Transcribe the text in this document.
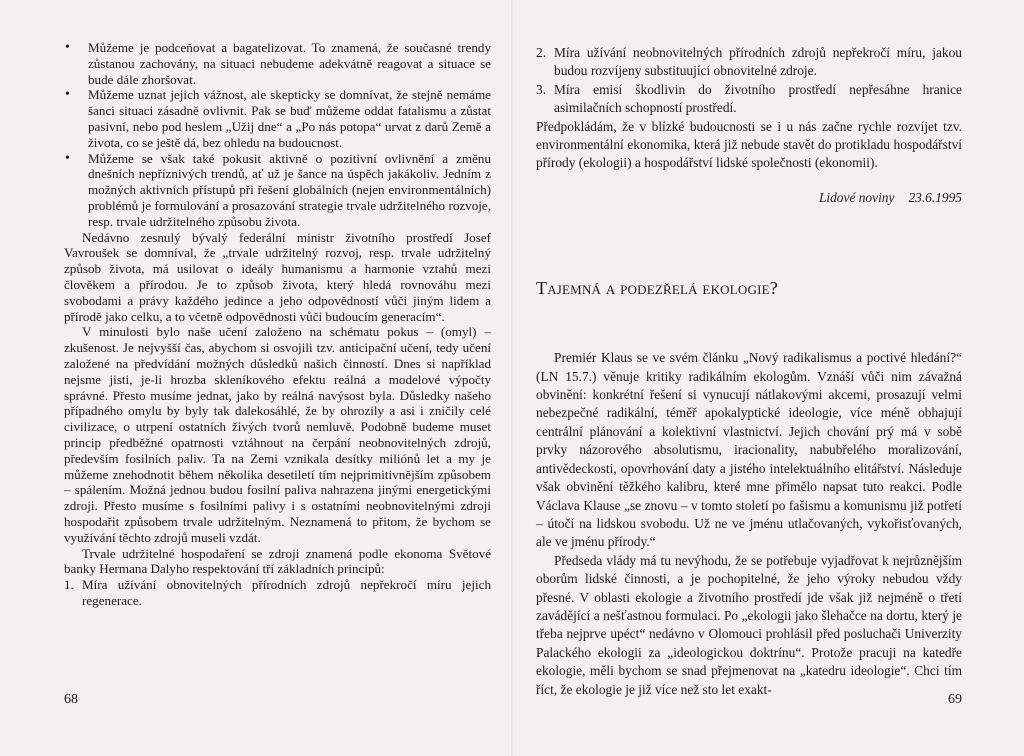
• Můžeme je podceňovat a bagatelizovat. To znamená, že současné trendy zůstanou zachovány, na situaci nebudeme adekvátně reagovat a situace se bude dále zhoršovat.
• Můžeme uznat jejich vážnost, ale skepticky se domnívat, že stejně nemáme šanci situaci zásadně ovlivnit. Pak se buď můžeme oddat fatalismu a zůstat pasivní, nebo pod heslem „Užij dne“ a „Po nás potopa“ urvat z darů Země a života, co se ještě dá, bez ohledu na budoucnost.
• Můžeme se však také pokusit aktivně o pozitivní ovlivnění a změnu dnešních nepříznivých trendů, ať už je šance na úspěch jakákoliv. Jedním z možných aktivních přístupů při řešení globálních (nejen environmentálních) problémů je formulování a prosazování strategie trvale udržitelného rozvoje, resp. trvale udržitelného způsobu života.

Nedávno zesnulý bývalý federální ministr životního prostředí Josef Vavroušek se domníval, že „trvale udržitelný rozvoj, resp. trvale udržitelný způsob života, má usilovat o ideály humanismu a harmonie vztahů mezi člověkem a přírodou. Je to způsob života, který hledá rovnováhu mezi svobodami a právy každého jedince a jeho odpovědností vůči jiným lidem a přírodě jako celku, a to včetně odpovědnosti vůči budoucím generacím“.

V minulosti bylo naše učení založeno na schématu pokus – (omyl) – zkušenost. Je nejvyšší čas, abychom si osvojili tzv. anticipační učení, tedy učení založené na předvídání možných důsledků našich činností. Dnes si například nejsme jisti, je-li hrozba skleníkového efektu reálná a modelové výpočty správné. Přesto musíme jednat, jako by reálná navýsost byla. Důsledky našeho případného omylu by byly tak dalekosáhlé, že by ohrozily a asi i zničily celé civilizace, o utrpení ostatních živých tvorů nemluvě. Podobně budeme muset princip předběžné opatrnosti vztáhnout na čerpání neobnovitelných zdrojů, především fosilních paliv. Ta na Zemi vznikala desítky miliónů let a my je můžeme znehodnotit během několika desetiletí tím nejprimitivnějším způsobem – spálením. Možná jednou budou fosilní paliva nahrazena jinými energetickými zdroji. Přesto musíme s fosilními palivy i s ostatními neobnovitelnými zdroji hospodařit způsobem trvale udržitelným. Neznamená to přitom, že bychom se využívání těchto zdrojů museli vzdát.

Trvale udržitelné hospodaření se zdroji znamená podle ekonoma Světové banky Hermana Dalyho respektování tří základních principů:

1. Míra užívání obnovitelných přírodních zdrojů nepřekročí míru jejich regenerace.
68
2. Míra užívání neobnovitelných přírodních zdrojů nepřekročí míru, jakou budou rozvíjeny substituující obnovitelné zdroje.
3. Míra emisí škodlivin do životního prostředí nepřesáhne hranice asimilačních schopností prostředí.

Předpokládám, že v blízké budoucnosti se i u nás začne rychle rozvíjet tzv. environmentální ekonomika, která již nebude stavět do protikladu hospodářství přírody (ekologii) a hospodářství lidské společnosti (ekonomii).

Lidové noviny 23.6.1995
Tajemná a podezřelá ekologie?

Premiér Klaus se ve svém článku „Nový radikalismus a poctivé hledání?“ (LN 15.7.) věnuje kritiky radikálním ekologům. Vznáší vůči nim závažná obvinění: konkrétní řešení si vynucují nátlakovými akcemi, prosazují velmi nebezpečné radikální, téměř apokalyptické ideologie, více méně obhajují centrální plánování a kolektivní vlastnictví. Jejich chování prý má v sobě prvky názorového absolutismu, iracionality, nabubřelého moralizování, antivědeckosti, opovrhování daty a jistého intelektuálního elitářství. Následuje však obvinění těžkého kalibru, které mne přimělo napsat tuto reakci. Podle Václava Klause „se znovu – v tomto století po fašismu a komunismu již potřetí – útočí na lidskou svobodu. Už ne ve jménu utlačovaných, vykořisťovaných, ale ve jménu přírody.“

Předseda vlády má tu nevýhodu, že se potřebuje vyjadřovat k nejrůznějším oborům lidské činnosti, a je pochopitelné, že jeho výroky nebudou vždy přesné. V oblasti ekologie a životního prostředí jde však již nejméně o třetí zavádějící a nešťastnou formulaci. Po „ekologii jako šlehačce na dortu, který je třeba nejprve upéct“ nedávno v Olomouci prohlásil před posluchači Univerzity Palackého ekologii za „ideologickou doktrínu“. Protože pracuji na katedře ekologie, měli bychom se snad přejmenovat na „katedru ideologie“. Chci tím říct, že ekologie je již více než sto let exakt-

69
